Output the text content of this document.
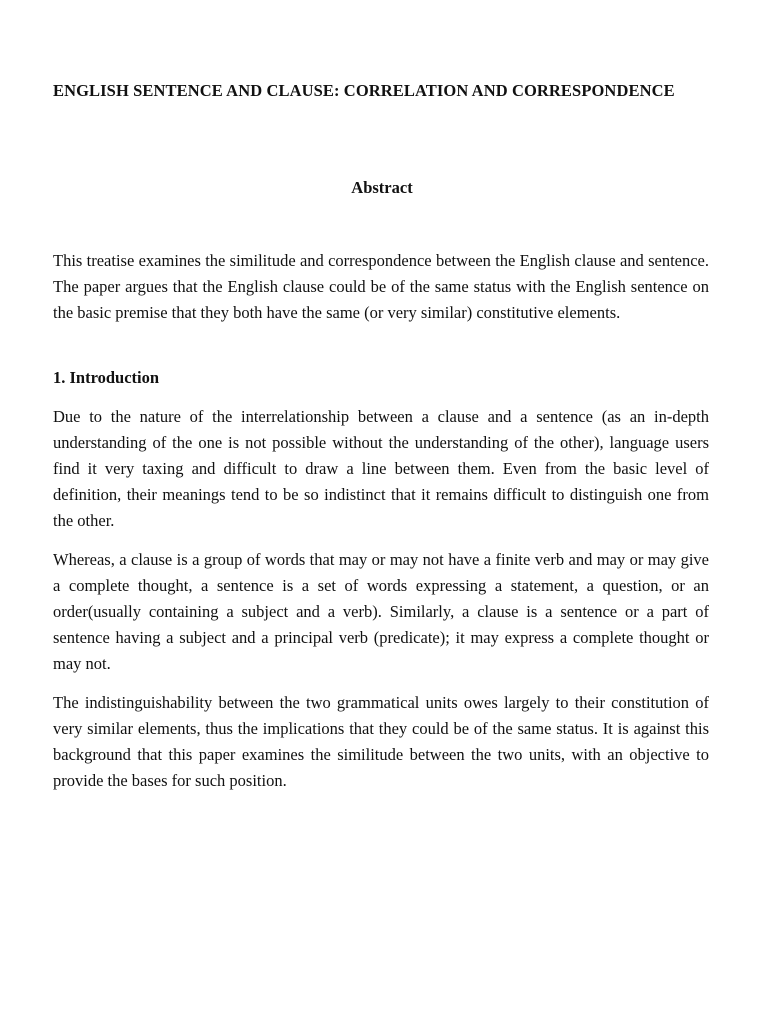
ENGLISH SENTENCE AND CLAUSE: CORRELATION AND CORRESPONDENCE
Abstract

This treatise examines the similitude and correspondence between the English clause and sentence. The paper argues that the English clause could be of the same status with the English sentence on the basic premise that they both have the same (or very similar) constitutive elements.

1. Introduction

Due to the nature of the interrelationship between a clause and a sentence (as an in-depth understanding of the one is not possible without the understanding of the other), language users find it very taxing and difficult to draw a line between them. Even from the basic level of definition, their meanings tend to be so indistinct that it remains difficult to distinguish one from the other.

Whereas, a clause is a group of words that may or may not have a finite verb and may or may give a complete thought, a sentence is a set of words expressing a statement, a question, or an order(usually containing a subject and a verb). Similarly, a clause is a sentence or a part of sentence having a subject and a principal verb (predicate); it may express a complete thought or may not.

The indistinguishability between the two grammatical units owes largely to their constitution of very similar elements, thus the implications that they could be of the same status. It is against this background that this paper examines the similitude between the two units, with an objective to provide the bases for such position.
